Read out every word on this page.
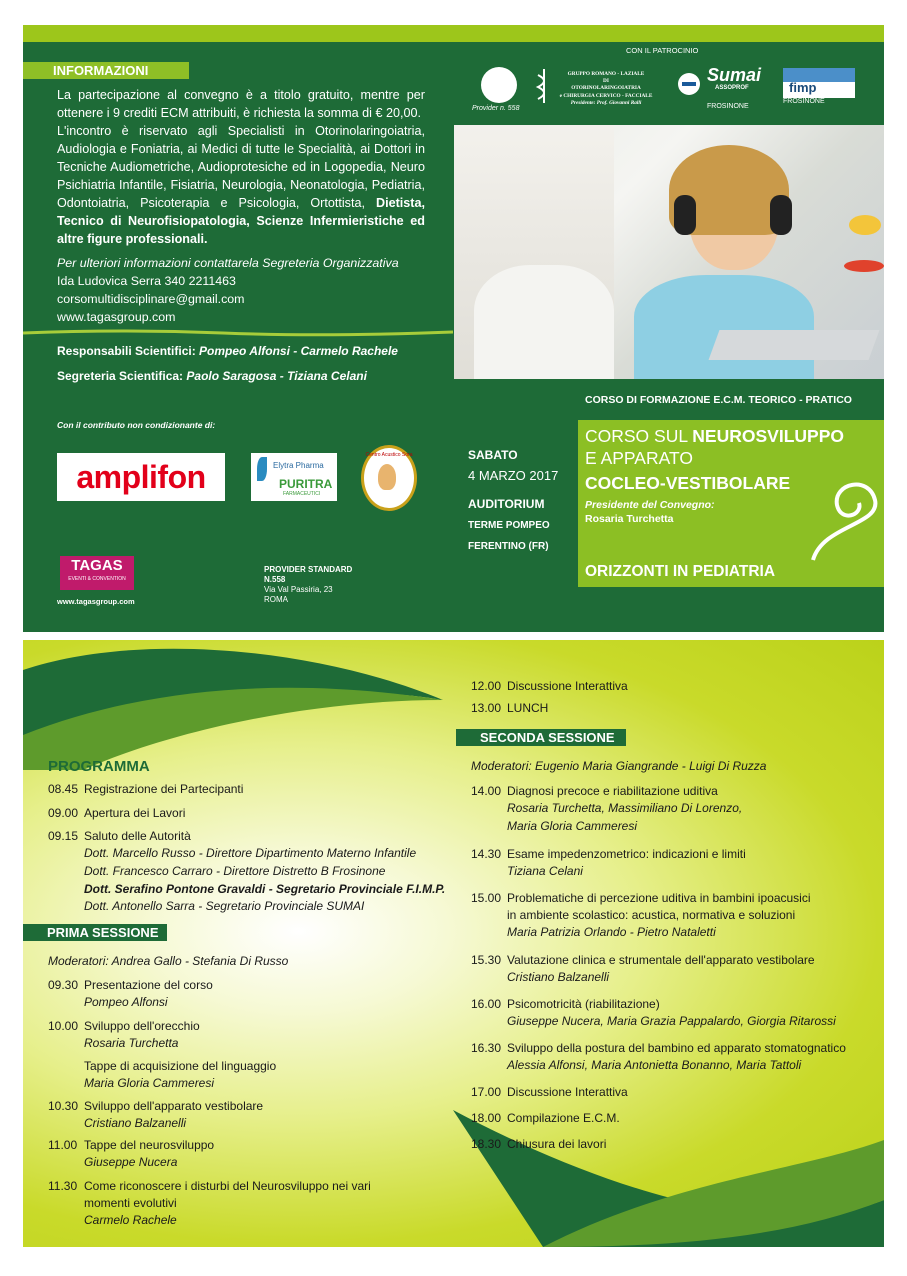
INFORMAZIONI
La partecipazione al convegno è a titolo gratuito, mentre per ottenere i 9 crediti ECM attribuiti, è richiesta la somma di € 20,00.
L'incontro è riservato agli Specialisti in Otorinolaringoiatria, Audiologia e Foniatria, ai Medici di tutte le Specialità, ai Dottori in Tecniche Audiometriche, Audioprotesiche ed in Logopedia, Neuro Psichiatria Infantile, Fisiatria, Neurologia, Neonatologia, Pediatria, Odontoiatria, Psicoterapia e Psicologia, Ortottista, Dietista, Tecnico di Neurofisiopatologia, Scienze Infermieristiche ed altre figure professionali.
Per ulteriori informazioni contattarela Segreteria Organizzativa
Ida Ludovica Serra 340 2211463
corsomultidisciplinare@gmail.com
www.tagasgroup.com
Responsabili Scientifici: Pompeo Alfonsi - Carmelo Rachele
Segreteria Scientifica: Paolo Saragosa - Tiziana Celani
Con il contributo non condizionante di:
amplifon	Elytra Pharma
PURITRA
FARMACEUTICI
Centro Acustico Sora
TAGAS
EVENTI & CONVENTION
www.tagasgroup.com
PROVIDER STANDARD
N.558
Via Val Passiria, 23
ROMA
CON IL PATROCINIO
Provider n. 558
GRUPPO ROMANO - LAZIALE
DI
OTORINOLARINGOIATRIA
e CHIRURGIA CERVICO - FACCIALE
Presidente: Prof. Giovanni Ralli
Sumai
ASSOPROF
FROSINONE
fimp
FROSINONE
CORSO DI FORMAZIONE E.C.M. TEORICO - PRATICO
SABATO
4 MARZO 2017
AUDITORIUM
TERME POMPEO
FERENTINO (FR)
CORSO SUL NEUROSVILUPPO
E APPARATO
COCLEO-VESTIBOLARE
Presidente del Convegno:
Rosaria Turchetta
ORIZZONTI IN PEDIATRIA
PROGRAMMA
08.45 Registrazione dei Partecipanti
09.00 Apertura dei Lavori
09.15 Saluto delle Autorità
Dott. Marcello Russo - Direttore Dipartimento Materno Infantile
Dott. Francesco Carraro - Direttore Distretto B Frosinone
Dott. Serafino Pontone Gravaldi - Segretario Provinciale F.I.M.P.
Dott. Antonello Sarra - Segretario Provinciale SUMAI
PRIMA SESSIONE
Moderatori: Andrea Gallo - Stefania Di Russo
09.30 Presentazione del corso
Pompeo Alfonsi
10.00 Sviluppo dell'orecchio
Rosaria Turchetta
Tappe di acquisizione del linguaggio
Maria Gloria Cammeresi
10.30 Sviluppo dell'apparato vestibolare
Cristiano Balzanelli
11.00 Tappe del neurosviluppo
Giuseppe Nucera
11.30 Come riconoscere i disturbi del Neurosviluppo nei vari
momenti evolutivi
Carmelo Rachele
12.00 Discussione Interattiva
13.00 LUNCH
SECONDA SESSIONE
Moderatori: Eugenio Maria Giangrande - Luigi Di Ruzza
14.00 Diagnosi precoce e riabilitazione uditiva
Rosaria Turchetta, Massimiliano Di Lorenzo,
Maria Gloria Cammeresi
14.30 Esame impedenzometrico: indicazioni e limiti
Tiziana Celani
15.00 Problematiche di percezione uditiva in bambini ipoacusici
in ambiente scolastico: acustica, normativa e soluzioni
Maria Patrizia Orlando - Pietro Nataletti
15.30 Valutazione clinica e strumentale dell'apparato vestibolare
Cristiano Balzanelli
16.00 Psicomotricità (riabilitazione)
Giuseppe Nucera, Maria Grazia Pappalardo, Giorgia Ritarossi
16.30 Sviluppo della postura del bambino ed apparato stomatognatico
Alessia Alfonsi, Maria Antonietta Bonanno, Maria Tattoli
17.00 Discussione Interattiva
18.00 Compilazione E.C.M.
18.30 Chiusura dei lavori
